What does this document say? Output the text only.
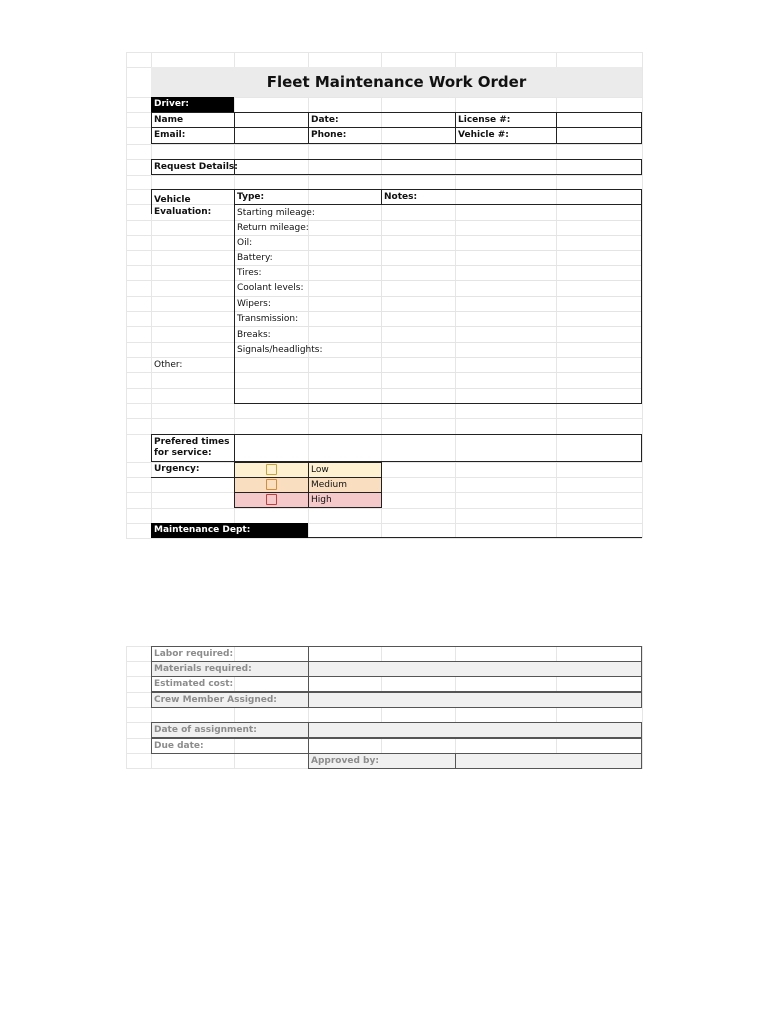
Fleet Maintenance Work Order
Driver:
Name
Email:
Date:
Phone:
License #:
Vehicle #:
Request Details:
Vehicle
Evaluation:
Type:	Notes:
Starting mileage:
Return mileage:
Oil:
Battery:
Tires:
Coolant levels:
Wipers:
Transmission:
Breaks:
Signals/headlights:
Other:
Prefered times
for service:
Urgency:	Low
Medium
High
Maintenance Dept:
Labor required:
Materials required:
Estimated cost:
Crew Member Assigned:
Date of assignment:
Due date:
Approved by:
